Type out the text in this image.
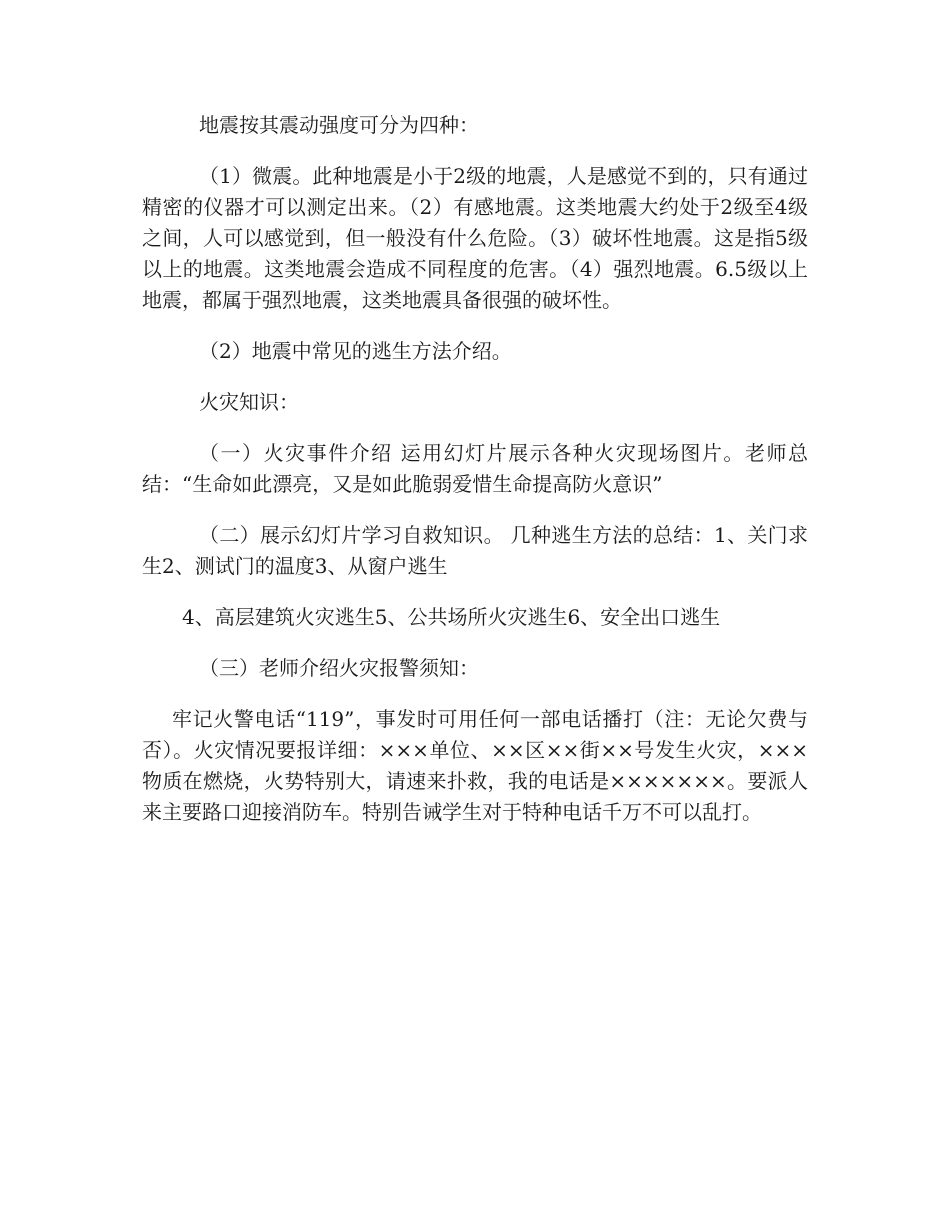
地震按其震动强度可分为四种：

（1）微震。此种地震是小于2级的地震，人是感觉不到的，只有通过精密的仪器才可以测定出来。（2）有感地震。这类地震大约处于2级至4级之间，人可以感觉到，但一般没有什么危险。（3）破坏性地震。这是指5级以上的地震。这类地震会造成不同程度的危害。（4）强烈地震。6.5级以上地震，都属于强烈地震，这类地震具备很强的破坏性。

（2）地震中常见的逃生方法介绍。

火灾知识：

（一）火灾事件介绍 运用幻灯片展示各种火灾现场图片。老师总结：“生命如此漂亮，又是如此脆弱爱惜生命提高防火意识”

（二）展示幻灯片学习自救知识。 几种逃生方法的总结：1、关门求生2、测试门的温度3、从窗户逃生

4、高层建筑火灾逃生5、公共场所火灾逃生6、安全出口逃生

（三）老师介绍火灾报警须知：

牢记火警电话“119”，事发时可用任何一部电话播打（注：无论欠费与否）。火灾情况要报详细：×××单位、××区××街××号发生火灾，×××物质在燃烧，火势特别大，请速来扑救，我的电话是×××××××。要派人来主要路口迎接消防车。特别告诫学生对于特种电话千万不可以乱打。
